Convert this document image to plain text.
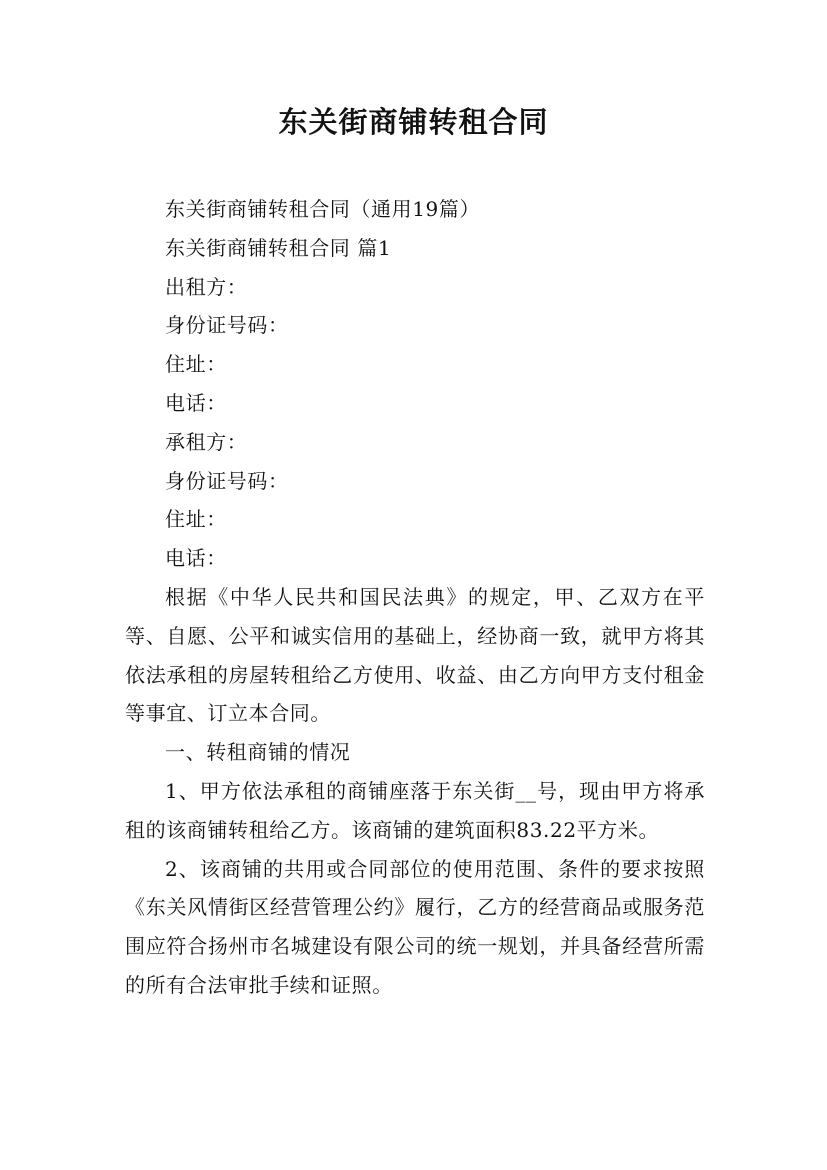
东关街商铺转租合同

东关街商铺转租合同（通用19篇）

东关街商铺转租合同 篇1

出租方：

身份证号码：

住址：

电话：

承租方：

身份证号码：

住址：

电话：

根据《中华人民共和国民法典》的规定，甲、乙双方在平等、自愿、公平和诚实信用的基础上，经协商一致，就甲方将其依法承租的房屋转租给乙方使用、收益、由乙方向甲方支付租金等事宜、订立本合同。

一、转租商铺的情况

1、甲方依法承租的商铺座落于东关街__号，现由甲方将承租的该商铺转租给乙方。该商铺的建筑面积83.22平方米。

2、该商铺的共用或合同部位的使用范围、条件的要求按照《东关风情街区经营管理公约》履行，乙方的经营商品或服务范围应符合扬州市名城建设有限公司的统一规划，并具备经营所需的所有合法审批手续和证照。
